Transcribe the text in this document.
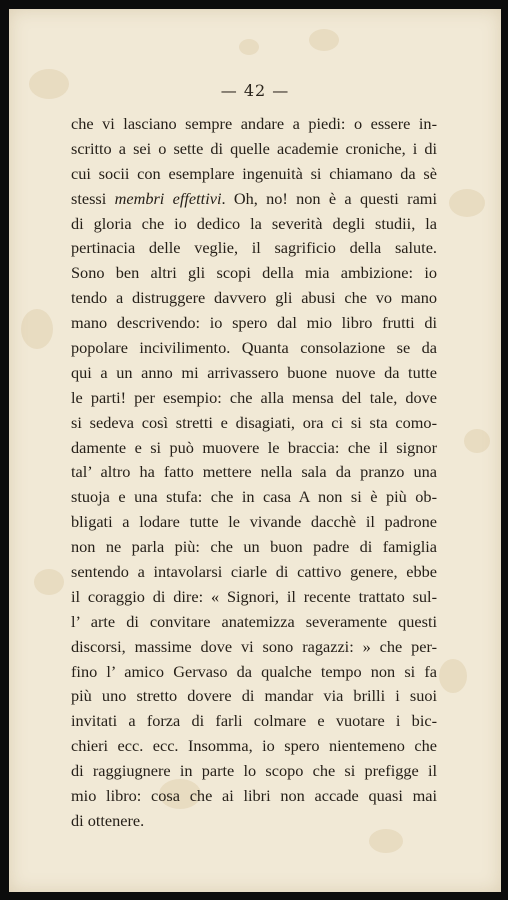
— 42 —
che vi lasciano sempre andare a piedi: o essere in-
scritto a sei o sette di quelle academie croniche, i di
cui socii con esemplare ingenuità si chiamano da sè
stessi membri effettivi. Oh, no! non è a questi rami
di gloria che io dedico la severità degli studii, la
pertinacia delle veglie, il sagrificio della salute.
Sono ben altri gli scopi della mia ambizione: io
tendo a distruggere davvero gli abusi che vo mano
mano descrivendo: io spero dal mio libro frutti di
popolare incivilimento. Quanta consolazione se da
qui a un anno mi arrivassero buone nuove da tutte
le parti! per esempio: che alla mensa del tale, dove
si sedeva così stretti e disagiati, ora ci si sta como-
damente e si può muovere le braccia: che il signor
tal’ altro ha fatto mettere nella sala da pranzo una
stuoja e una stufa: che in casa A non si è più ob-
bligati a lodare tutte le vivande dacchè il padrone
non ne parla più: che un buon padre di famiglia
sentendo a intavolarsi ciarle di cattivo genere, ebbe
il coraggio di dire: « Signori, il recente trattato sul-
l’ arte di convitare anatemizza severamente questi
discorsi, massime dove vi sono ragazzi: » che per-
fino l’ amico Gervaso da qualche tempo non si fa
più uno stretto dovere di mandar via brilli i suoi
invitati a forza di farli colmare e vuotare i bic-
chieri ecc. ecc. Insomma, io spero nientemeno che
di raggiugnere in parte lo scopo che si prefigge il
mio libro: cosa che ai libri non accade quasi mai
di ottenere.
